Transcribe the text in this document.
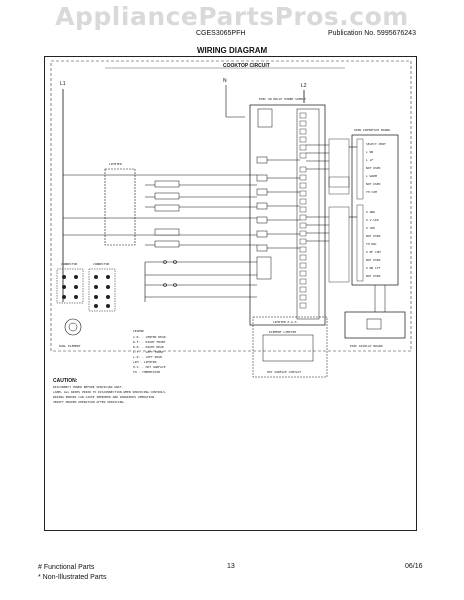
AppliancePartsPros.com
CGES3065PFH	Publication No. 5995676243
WIRING DIAGRAM
COOKTOP CIRCUIT
L1	N
L2
ESEC OR RELAY POWER SUPPLY
USER INTERFACE BOARD
SELECT PORT
L RR
L LF
NOT USED
L WARM
NOT USED
TH COM
5 GND
5 V-LED
5 LED
NOT USED
TH DRL
5 RF COM
NOT USED
5 RR LFT
NOT USED
LIMITER
ESEC DISPLAY BOARD
CONNECTOR	CONNECTOR
DUAL ELEMENT
LEGEND
C.R. - CENTER REAR
R.F. - RIGHT FRONT
R.R. - RIGHT REAR
L.F. - LEFT FRONT
L.R. - LEFT REAR
LIM - LIMITER
H.S. - HOT SURFACE
TH - THERMISTOR
LIMITER E.G.O.
ELEMENT LIMITER
HOT SURFACE CONTACT
CAUTION:
DISCONNECT POWER BEFORE SERVICING UNIT.
LABEL ALL WIRES PRIOR TO DISCONNECTION WHEN SERVICING CONTROLS.
WIRING ERRORS CAN CAUSE IMPROPER AND DANGEROUS OPERATION.
VERIFY PROPER OPERATION AFTER SERVICING.
# Functional Parts
* Non-Illustrated Parts
13	06/16
